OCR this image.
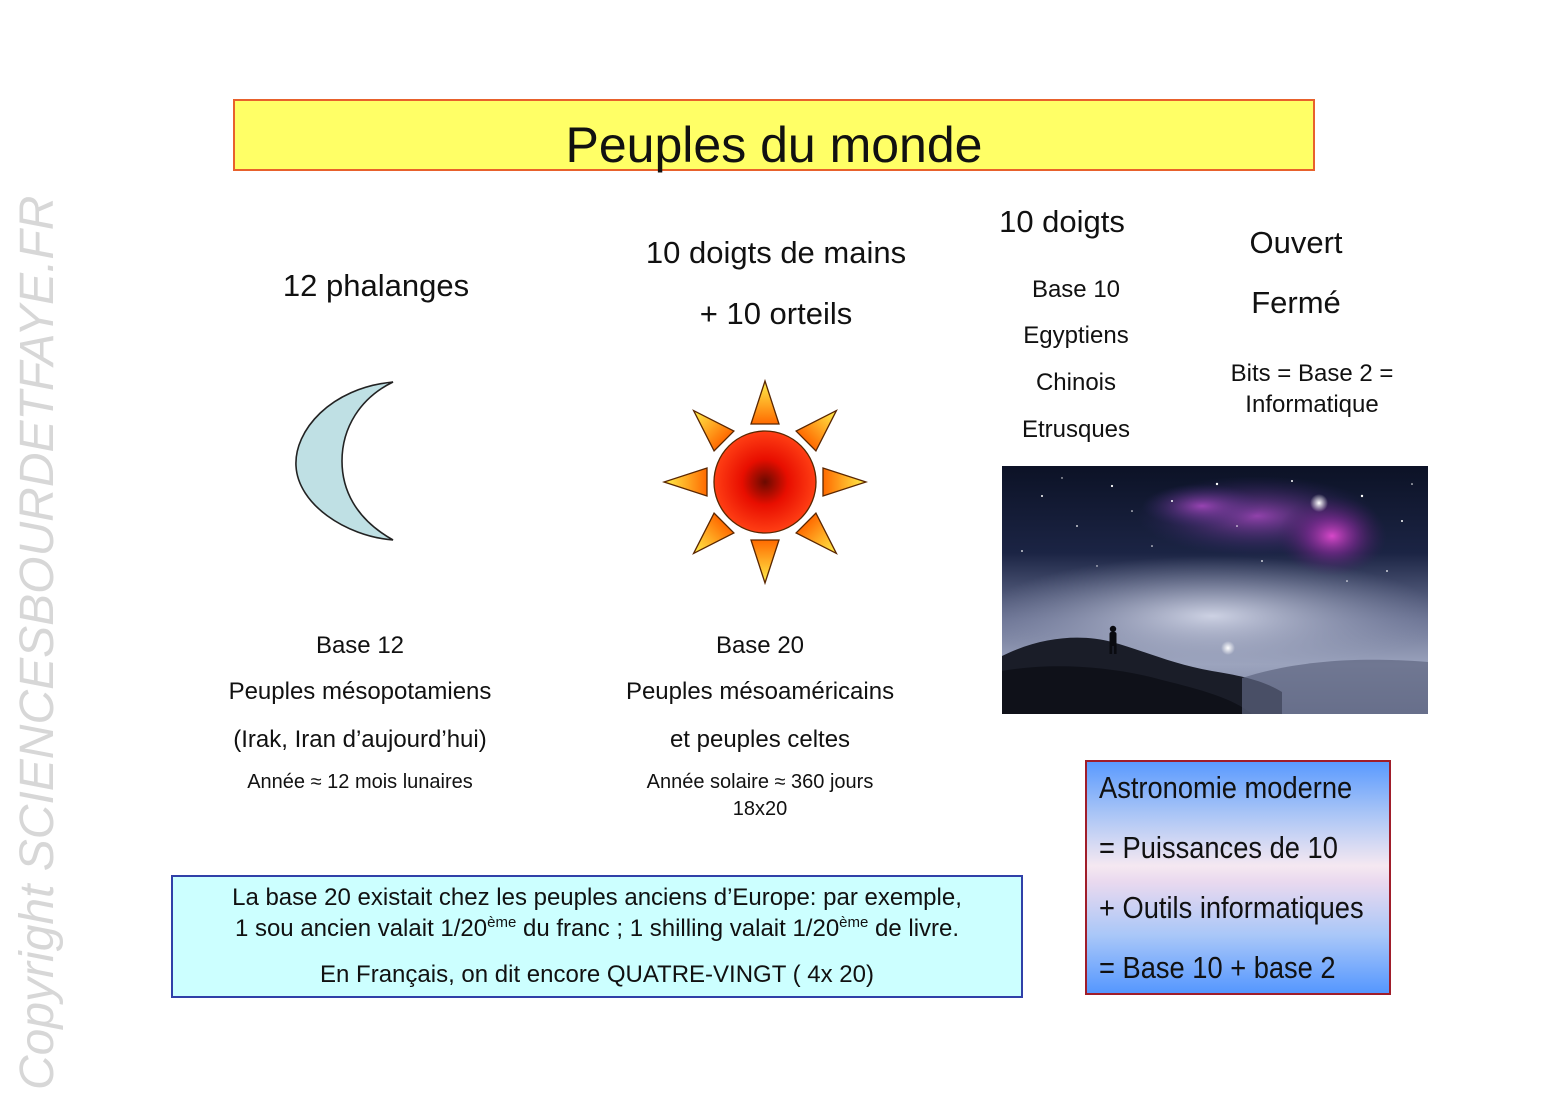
Copyright SCIENCESBOURDETFAYE.FR
Peuples du monde
12 phalanges
Base 12
Peuples mésopotamiens
(Irak, Iran d’aujourd’hui)
Année ≈ 12 mois lunaires
10 doigts de mains
+ 10 orteils
Base 20
Peuples mésoaméricains
et peuples celtes
Année solaire ≈ 360 jours
18x20
10 doigts
Base 10
Egyptiens
Chinois
Etrusques
Ouvert
Fermé
Bits = Base 2 =
Informatique
La base 20 existait chez les peuples anciens d’Europe: par exemple,
1 sou ancien valait 1/20ème du franc ; 1 shilling valait 1/20ème de livre.
En Français, on dit encore QUATRE-VINGT ( 4x 20)
Astronomie moderne
= Puissances de 10
+ Outils informatiques
= Base 10 + base 2
